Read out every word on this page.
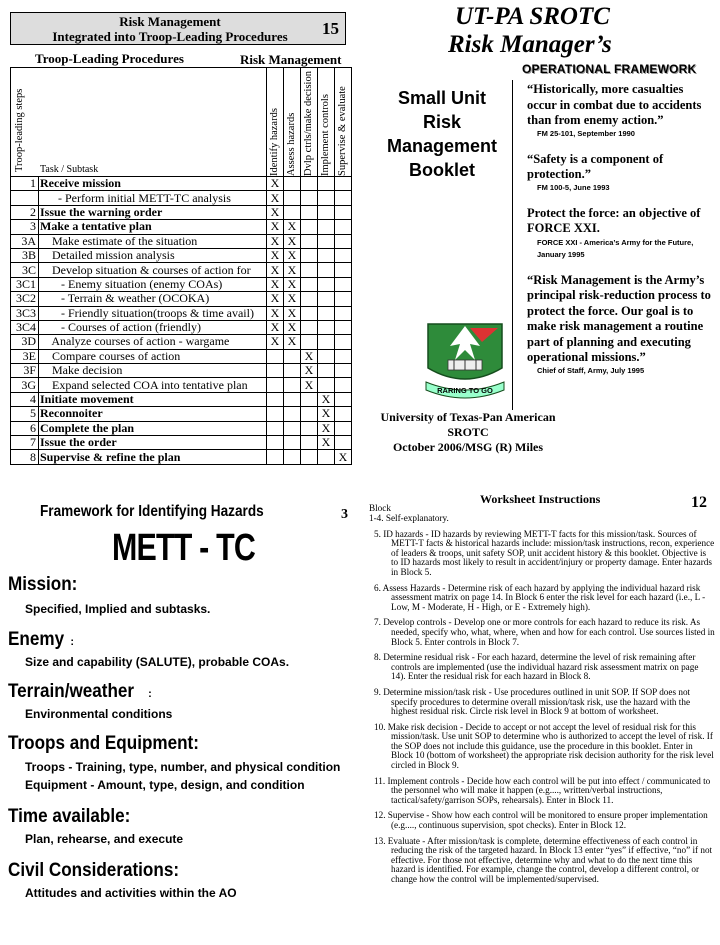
Risk Management
Integrated into Troop-Leading Procedures	15
Troop-Leading Procedures	Risk Management
Troop-leading steps Task / Subtask		Identify hazards	Assess hazards	Dvlp ctrls/make decision	Implement controls	Supervise & evaluate

1	Receive mission	X				
	- Perform initial METT-TC analysis	X				
2	Issue the warning order	X				
3	Make a tentative plan	X	X			
3A	Make estimate of the situation	X	X			
3B	Detailed mission analysis	X	X			
3C	Develop situation & courses of action for	X	X			
3C1	- Enemy situation (enemy COAs)	X	X			
3C2	- Terrain & weather (OCOKA)	X	X			
3C3	- Friendly situation(troops & time avail)	X	X			
3C4	- Courses of action (friendly)	X	X			
3D	Analyze courses of action - wargame	X	X			
3E	Compare courses of action			X		
3F	Make decision			X		
3G	Expand selected COA into tentative plan			X		
4	Initiate movement				X	
5	Reconnoiter				X	
6	Complete the plan				X	
7	Issue the order				X	
8	Supervise & refine the plan					X
UT-PA SROTC
Risk Manager’s
OPERATIONAL FRAMEWORK
Small Unit
Risk
Management
Booklet
“Historically, more casualties occur in combat due to accidents than from enemy action.”
FM 25-101, September 1990
“Safety is a component of protection.”
FM 100-5, June 1993
Protect the force: an objective of FORCE XXI.
FORCE XXI - America’s Army for the Future, January 1995
“Risk Management is the Army’s principal risk-reduction process to protect the force. Our goal is to make risk management a routine part of planning and executing operational missions.”
Chief of Staff, Army, July 1995
RARING TO GO
University of Texas-Pan American
SROTC
October 2006/MSG (R) Miles
Framework for Identifying Hazards	3
METT - TC
Mission:
Specified, Implied and subtasks.
Enemy :
Size and capability (SALUTE), probable COAs.
Terrain/weather :
Environmental conditions
Troops and Equipment:
Troops - Training, type, number, and physical condition
Equipment - Amount, type, design, and condition
Time available:
Plan, rehearse, and execute
Civil Considerations:
Attitudes and activities within the AO
Worksheet Instructions	12
Block
1-4. Self-explanatory.
5. ID hazards - ID hazards by reviewing METT-T facts for this mission/task. Sources of METT-T facts & historical hazards include: mission/task instructions, recon, experience of leaders & troops, unit safety SOP, unit accident history & this booklet. Objective is to ID hazards most likely to result in accident/injury or property damage. Enter hazards in Block 5.
6. Assess Hazards - Determine risk of each hazard by applying the individual hazard risk assessment matrix on page 14. In Block 6 enter the risk level for each hazard (i.e., L - Low, M - Moderate, H - High, or E - Extremely high).
7. Develop controls - Develop one or more controls for each hazard to reduce its risk. As needed, specify who, what, where, when and how for each control. Use sources listed in Block 5. Enter controls in Block 7.
8. Determine residual risk - For each hazard, determine the level of risk remaining after controls are implemented (use the individual hazard risk assessment matrix on page 14). Enter the residual risk for each hazard in Block 8.
9. Determine mission/task risk - Use procedures outlined in unit SOP. If SOP does not specify procedures to determine overall mission/task risk, use the hazard with the highest residual risk. Circle risk level in Block 9 at bottom of worksheet.
10. Make risk decision - Decide to accept or not accept the level of residual risk for this mission/task. Use unit SOP to determine who is authorized to accept the level of risk. If the SOP does not include this guidance, use the procedure in this booklet. Enter in Block 10 (bottom of worksheet) the appropriate risk decision authority for the risk level circled in Block 9.
11. Implement controls - Decide how each control will be put into effect / communicated to the personnel who will make it happen (e.g...., written/verbal instructions, tactical/safety/garrison SOPs, rehearsals). Enter in Block 11.
12. Supervise - Show how each control will be monitored to ensure proper implementation (e.g...., continuous supervision, spot checks). Enter in Block 12.
13. Evaluate - After mission/task is complete, determine effectiveness of each control in reducing the risk of the targeted hazard. In Block 13 enter “yes” if effective, “no” if not effective. For those not effective, determine why and what to do the next time this hazard is identified. For example, change the control, develop a different control, or change how the control will be implemented/supervised.
